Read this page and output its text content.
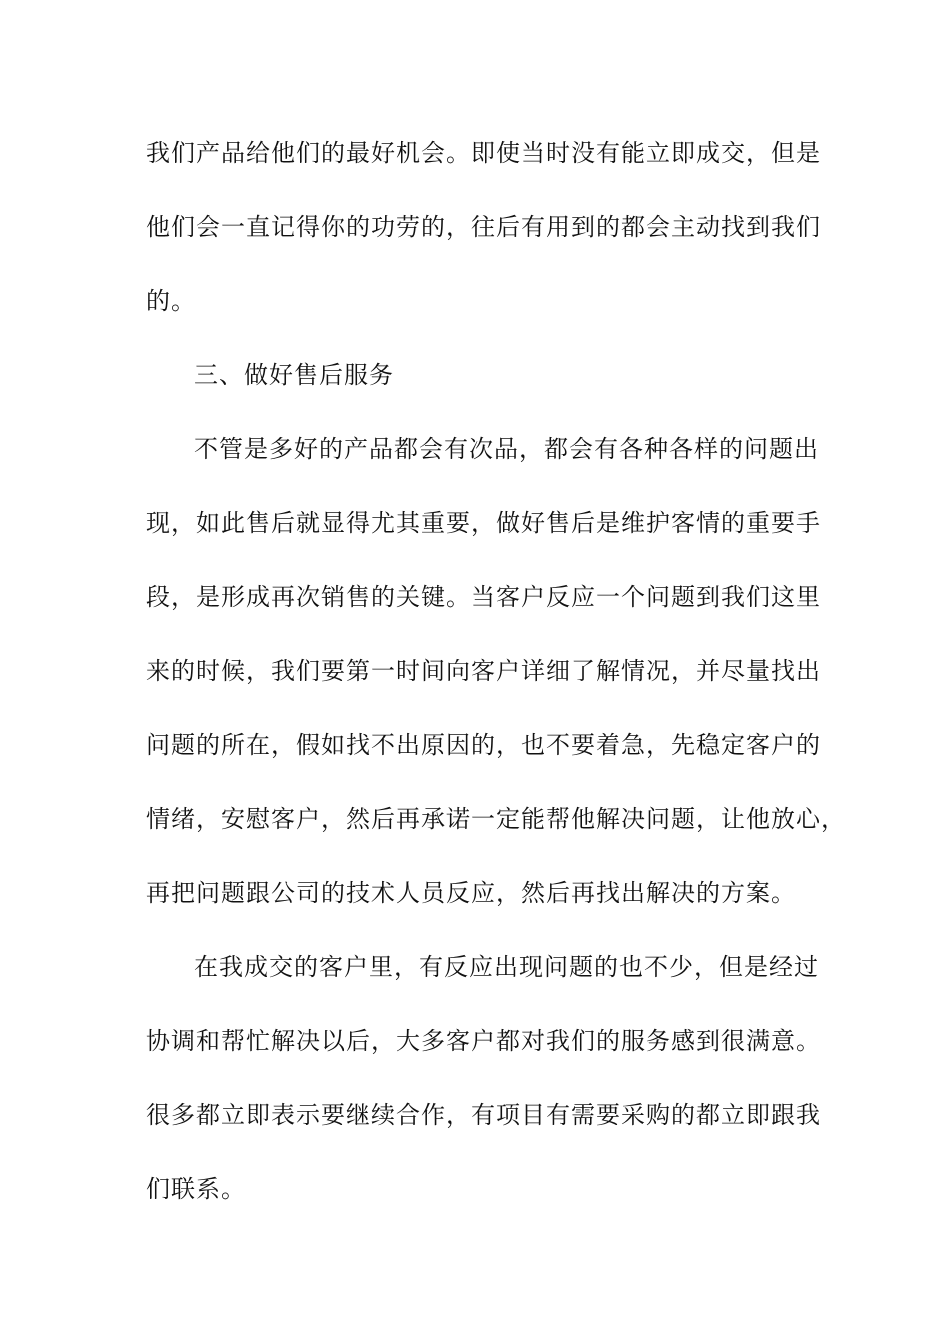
我们产品给他们的最好机会。即使当时没有能立即成交，但是
他们会一直记得你的功劳的，往后有用到的都会主动找到我们
的。
三、做好售后服务
不管是多好的产品都会有次品，都会有各种各样的问题出
现，如此售后就显得尤其重要，做好售后是维护客情的重要手
段，是形成再次销售的关键。当客户反应一个问题到我们这里
来的时候，我们要第一时间向客户详细了解情况，并尽量找出
问题的所在，假如找不出原因的，也不要着急，先稳定客户的
情绪，安慰客户，然后再承诺一定能帮他解决问题，让他放心，
再把问题跟公司的技术人员反应，然后再找出解决的方案。
在我成交的客户里，有反应出现问题的也不少，但是经过
协调和帮忙解决以后，大多客户都对我们的服务感到很满意。
很多都立即表示要继续合作，有项目有需要采购的都立即跟我
们联系。
